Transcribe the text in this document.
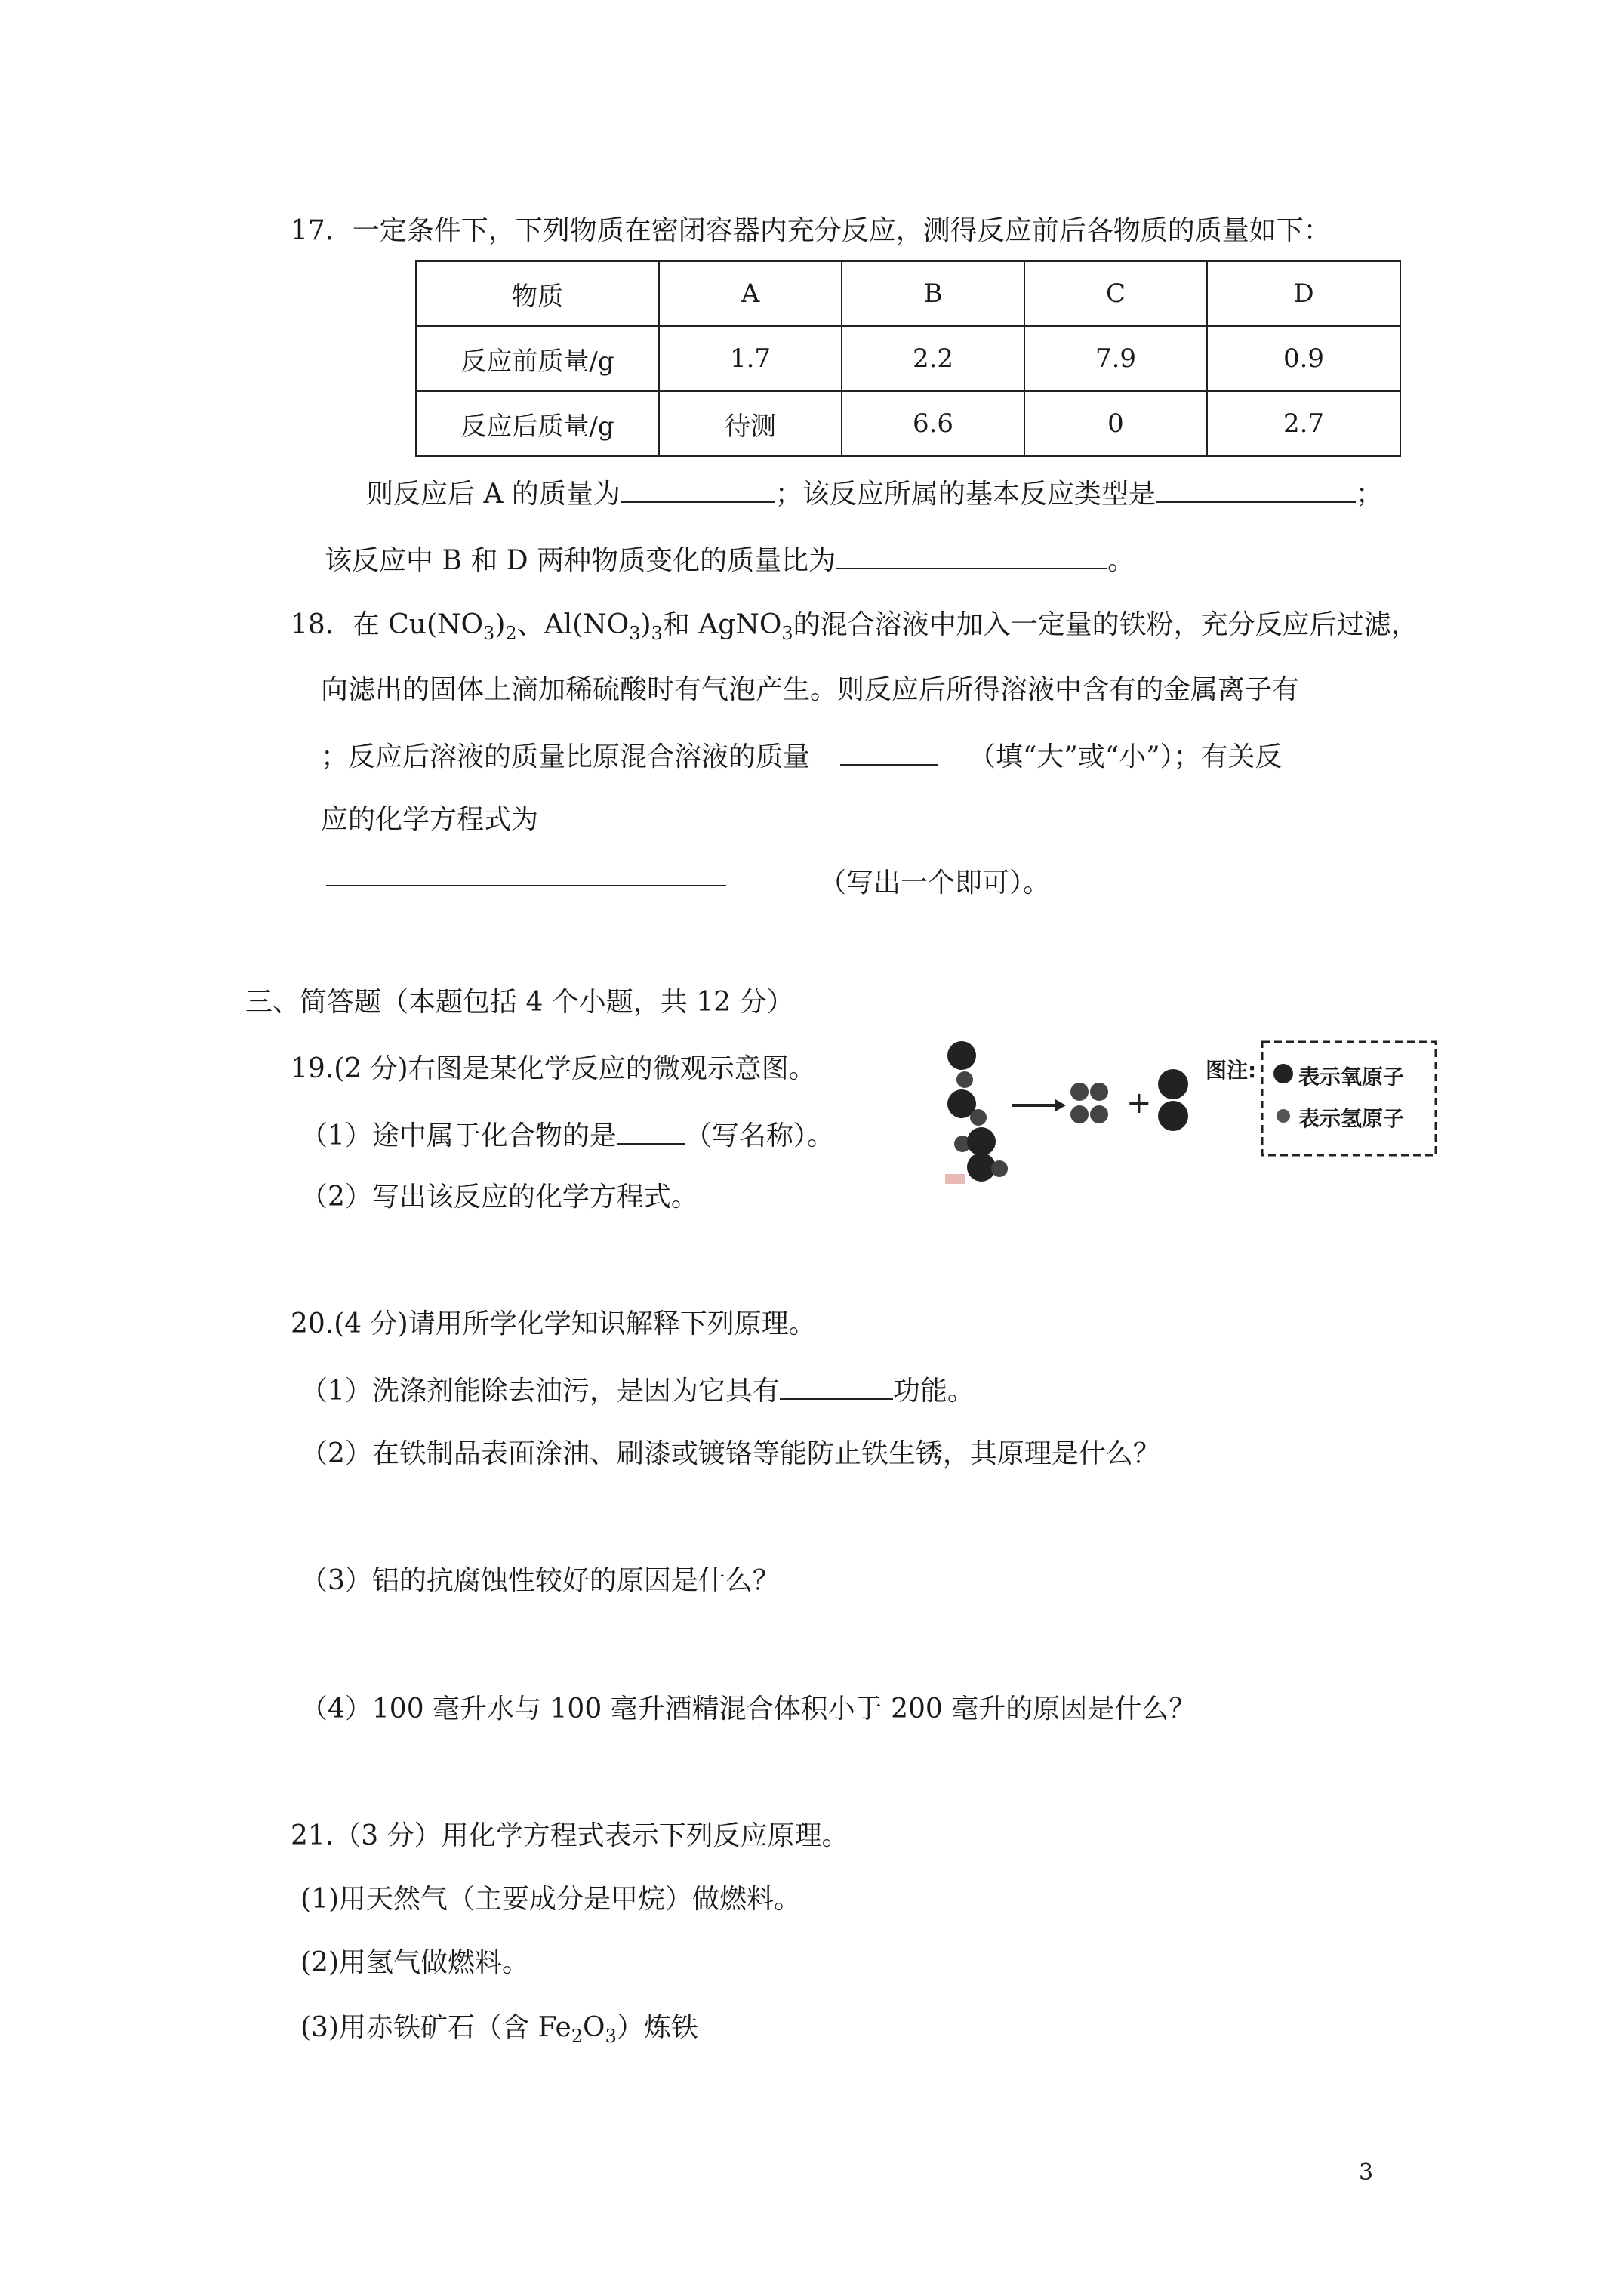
17．一定条件下，下列物质在密闭容器内充分反应，测得反应前后各物质的质量如下：
物质	A	B	C	D
反应前质量/g	1.7	2.2	7.9	0.9
反应后质量/g	待测	6.6	0	2.7
则反应后 A 的质量为	；该反应所属的基本反应类型是	；
该反应中 B 和 D 两种物质变化的质量比为	。
18．在 $Cu(NO_3)_2$、$Al(NO_3)_3$和 AgNO$_3$的混合溶液中加入一定量的铁粉，充分反应后过滤，
向滤出的固体上滴加稀硫酸时有气泡产生。则反应后所得溶液中含有的金属离子有
；反应后溶液的质量比原混合溶液的质量	（填“大”或“小”）；有关反
应的化学方程式为
（写出一个即可）。
三、简答题（本题包括 4 个小题，共 12 分）
19.(2 分)右图是某化学反应的微观示意图。
（1）途中属于化合物的是	（写名称）。
（2）写出该反应的化学方程式。
+
图注: 表示氧原子
表示氢原子
20.(4 分)请用所学化学知识解释下列原理。
（1）洗涤剂能除去油污，是因为它具有	功能。
（2）在铁制品表面涂油、刷漆或镀铬等能防止铁生锈，其原理是什么？
（3）铝的抗腐蚀性较好的原因是什么？
（4）100 毫升水与 100 毫升酒精混合体积小于 200 毫升的原因是什么？
21.（3 分）用化学方程式表示下列反应原理。
(1)用天然气（主要成分是甲烷）做燃料。
(2)用氢气做燃料。
(3)用赤铁矿石（含 $Fe_2O_3$）炼铁
3
